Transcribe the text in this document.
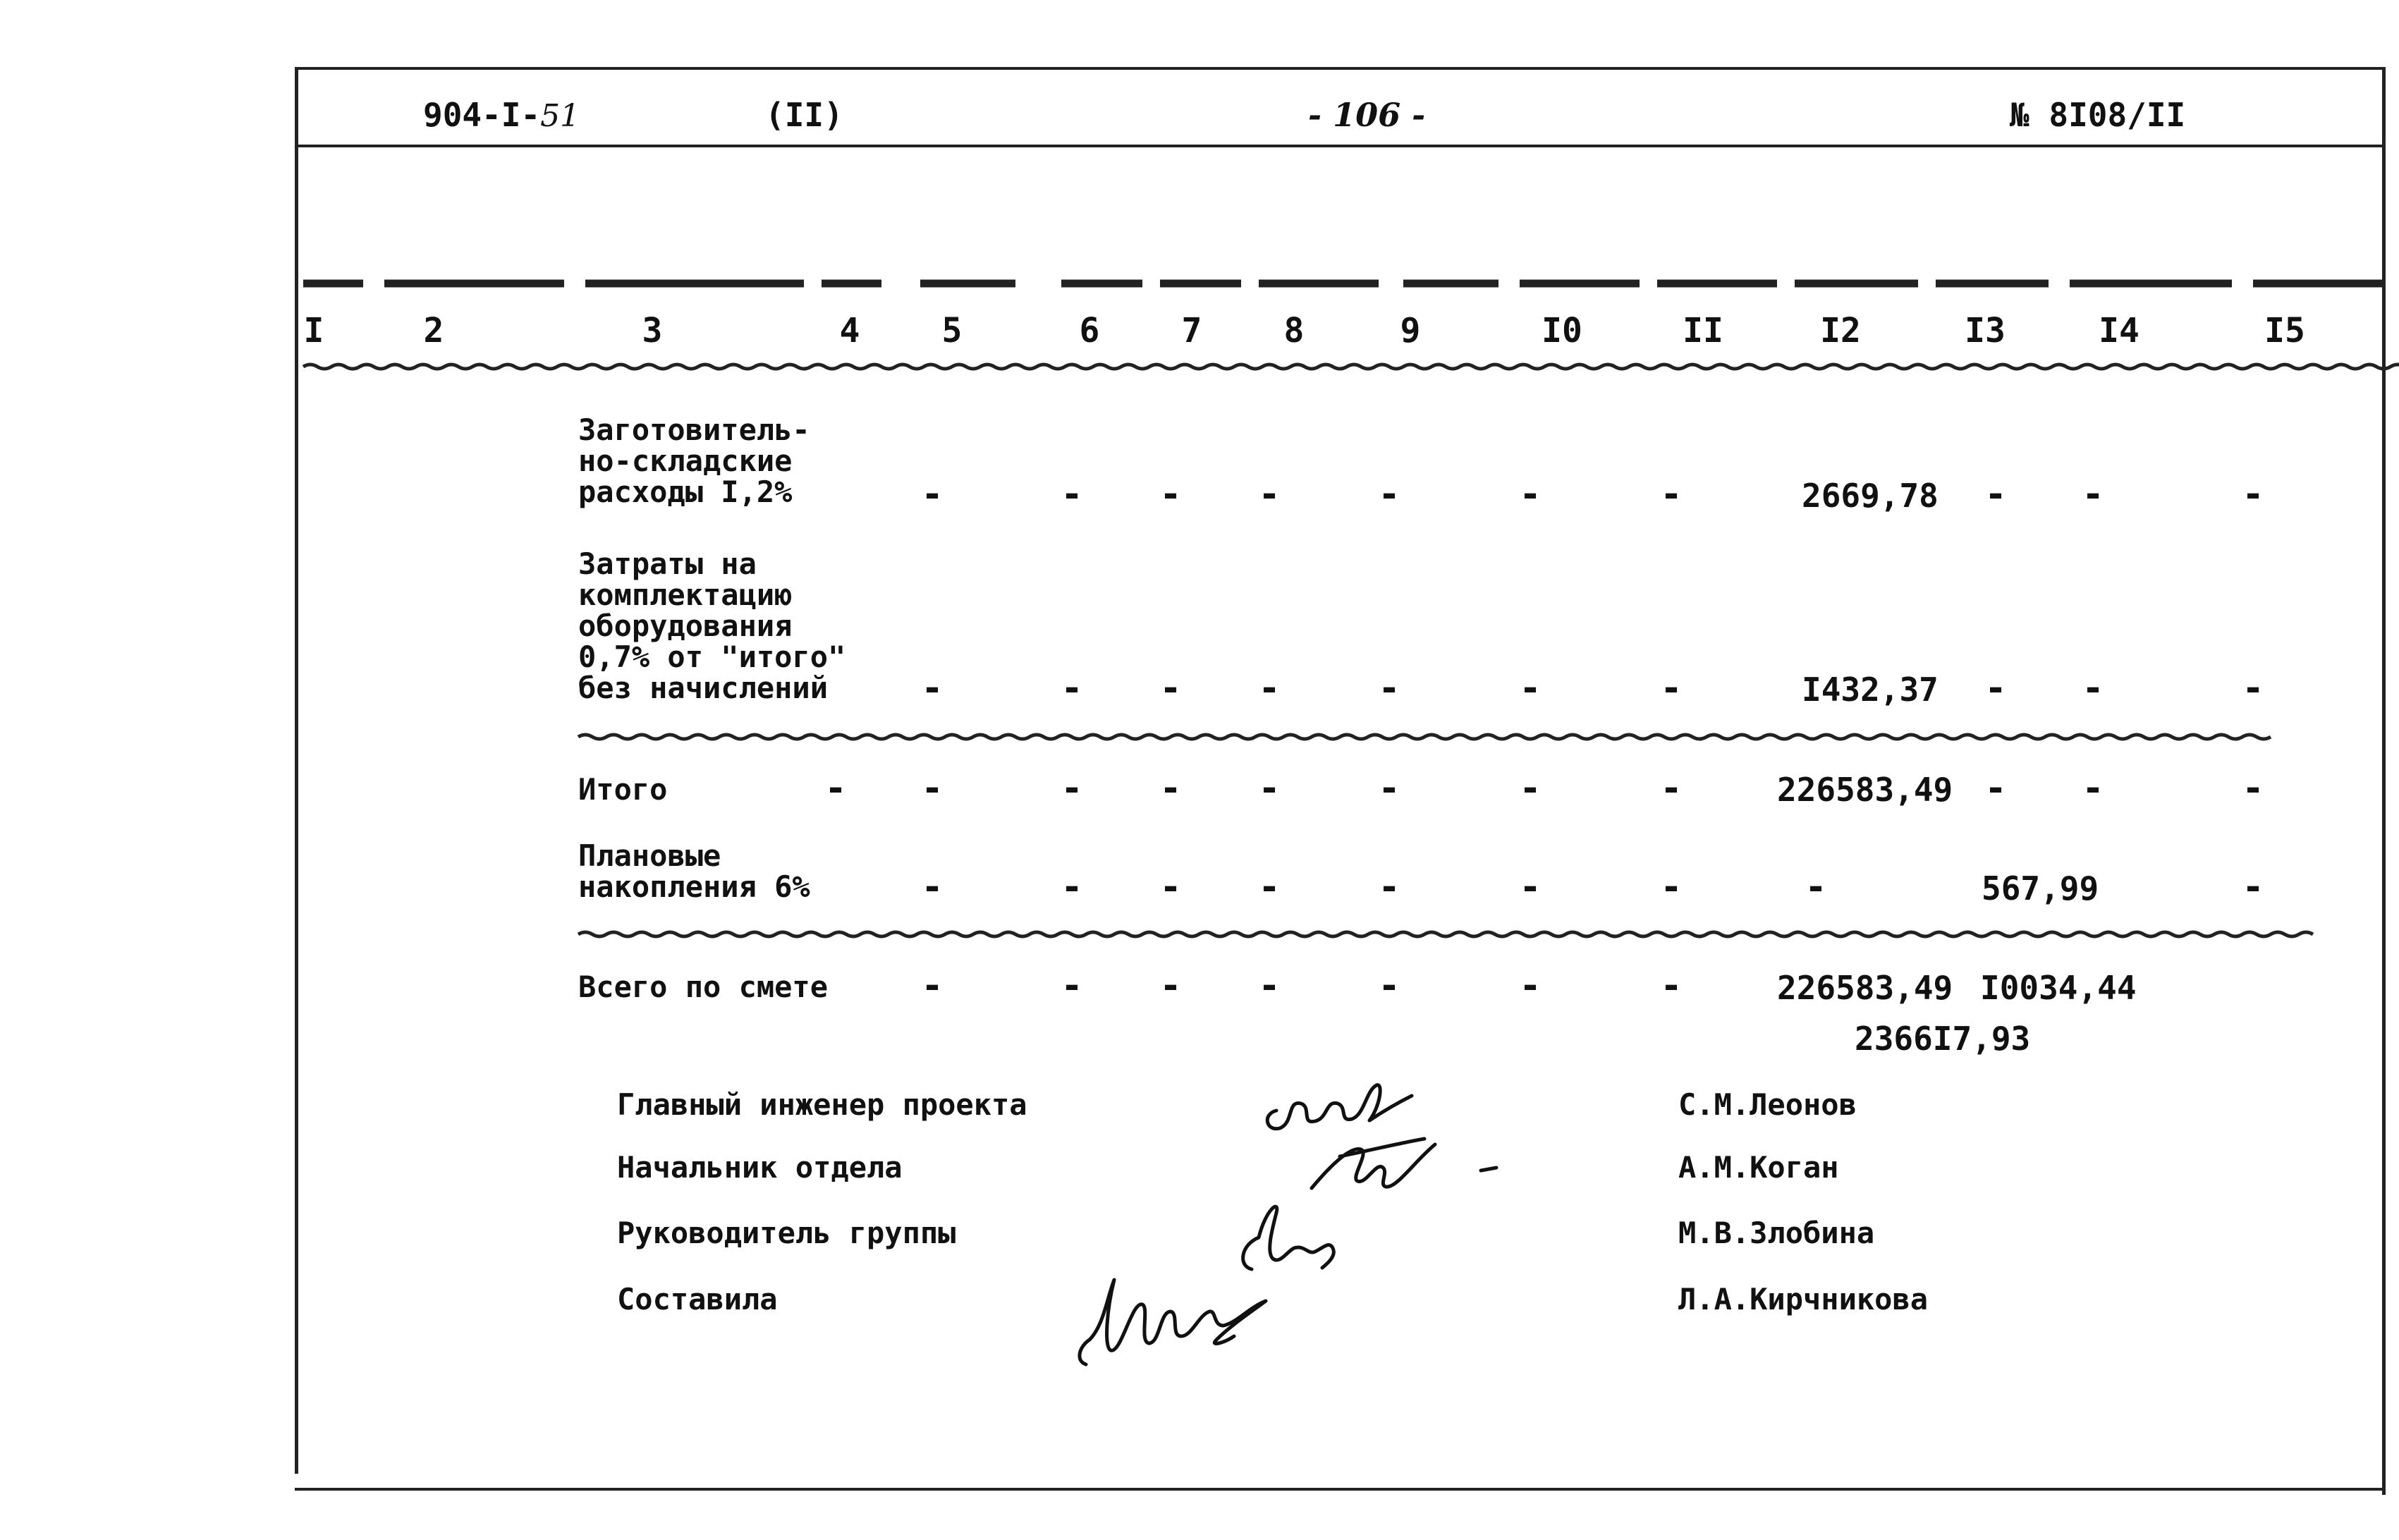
904-I-51	(II)	- 106 -	№ 8I08/II
I	2	3	4 5	6 7 8	9	I0	II	I2	I3	I4	I5
Заготовитель-
но-складские
расходы I,2%	-	- - -	-	-	-	2669,78 - -	-
Затраты на
комплектацию
оборудования
0,7% от "итого"
без начислений	-	- - -	-	-	-	I432,37 - -	-
Итого	- -	- - -	-	-	-	226583,49 - -	-
Плановые
накопления 6%	-	- - -	-	-	-	-	567,99	-
Всего по смете	-	- - -	-	-	-	226583,49 I0034,44
2366I7,93
Главный инженер проекта
Начальник отдела
Руководитель группы
Составила
С.М.Леонов
А.М.Коган
М.В.Злобина
Л.А.Кирчникова
